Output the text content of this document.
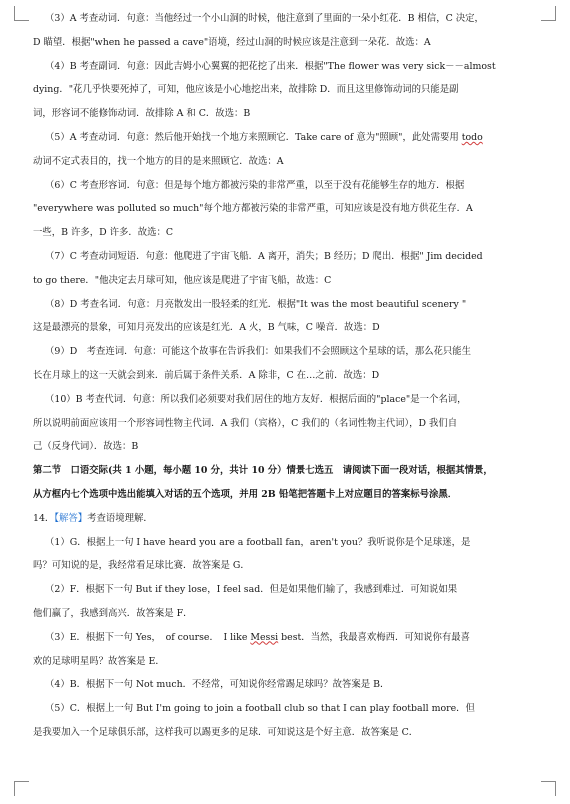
（3）A 考查动词．句意：当他经过一个小山洞的时候，他注意到了里面的一朵小红花．B 相信，C 决定，
D 瞄望．根据"when he passed a cave"语境，经过山洞的时候应该是注意到一朵花．故选：A
（4）B 考查副词．句意：因此吉姆小心翼翼的把花挖了出来．根据"The flower was very sick－－almost
dying．"花几乎快要死掉了，可知，他应该是小心地挖出来，故排除 D．而且这里修饰动词的只能是副
词，形容词不能修饰动词．故排除 A 和 C．故选：B
（5）A 考查动词．句意：然后他开始找一个地方来照顾它．Take care of 意为"照顾"，此处需要用 todo
动词不定式表目的，找一个地方的目的是来照顾它．故选：A
（6）C 考查形容词．句意：但是每个地方都被污染的非常严重，以至于没有花能够生存的地方．根据
"everywhere was polluted so much"每个地方都被污染的非常严重，可知应该是没有地方供花生存．A
一些，B 许多，D 许多．故选：C
（7）C 考查动词短语．句意：他爬进了宇宙飞船．A 离开，消失；B 经历；D 爬出．根据" Jim decided
to go there．"他决定去月球可知，他应该是爬进了宇宙飞船，故选：C
（8）D 考查名词．句意：月亮散发出一股轻柔的红光．根据"It was the most beautiful scenery "
这是最漂亮的景象，可知月亮发出的应该是红光．A 火，B 气味，C 噪音．故选：D
（9）D　考查连词．句意：可能这个故事在告诉我们：如果我们不会照顾这个星球的话，那么花只能生
长在月球上的这一天就会到来．前后属于条件关系．A 除非，C 在…之前．故选：D
（10）B 考查代词．句意：所以我们必须要对我们居住的地方友好．根据后面的"place"是一个名词，
所以说明前面应该用一个形容词性物主代词．A 我们（宾格），C 我们的（名词性物主代词），D 我们自
己（反身代词）．故选：B
第二节　口语交际(共 1 小题，每小题 10 分，共计 10 分）情景七选五　请阅读下面一段对话，根据其情景，
从方框内七个选项中选出能填入对话的五个选项，并用 2B 铅笔把答题卡上对应题目的答案标号涂黑．
14．【解答】考查语境理解．
（1）G．根据上一句 I have heard you are a football fan，aren't you？我听说你是个足球迷，是
吗？可知说的是，我经常看足球比赛．故答案是 G．
（2）F．根据下一句 But if they lose，I feel sad．但是如果他们输了，我感到难过．可知说如果
他们赢了，我感到高兴．故答案是 F．
（3）E．根据下一句 Yes，　of course．　I like Messi best．当然，我最喜欢梅西．可知说你有最喜
欢的足球明星吗？故答案是 E．
（4）B．根据下一句 Not much．不经常，可知说你经常踢足球吗？故答案是 B．
（5）C．根据上一句 But I'm going to join a football club so that I can play football more．但
是我要加入一个足球俱乐部，这样我可以踢更多的足球．可知说这是个好主意．故答案是 C．
